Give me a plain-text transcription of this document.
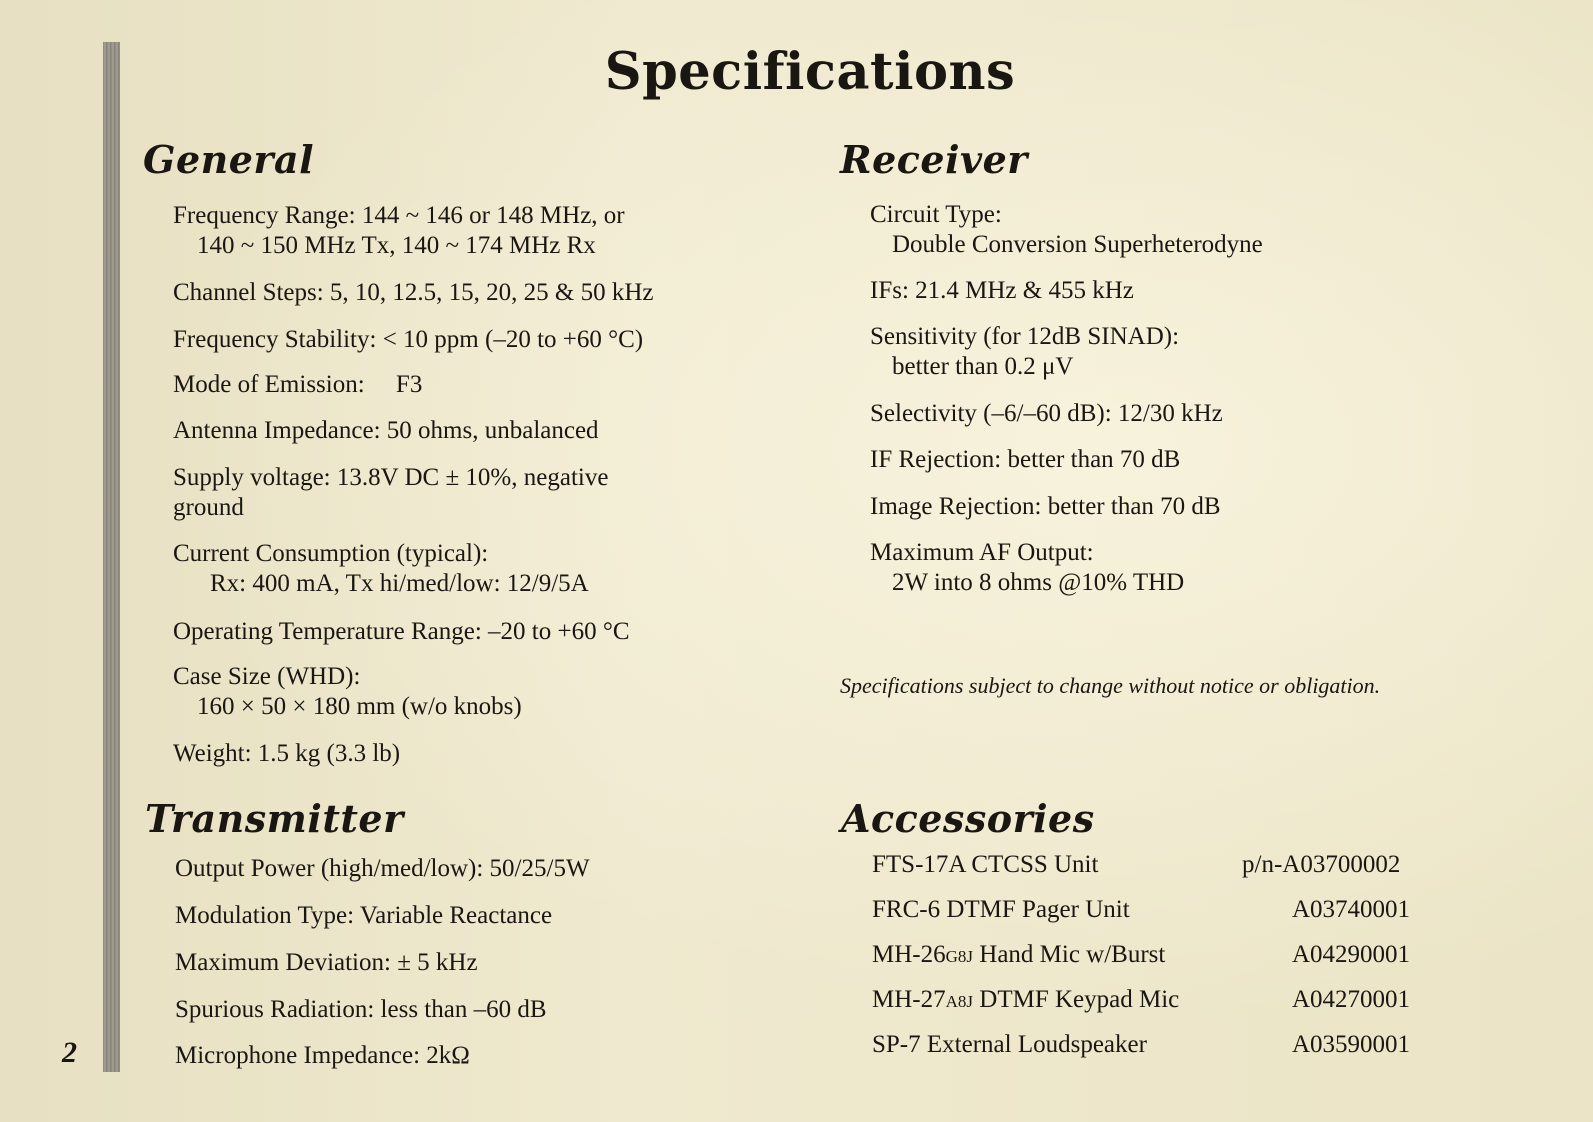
Specifications
General
Frequency Range: 144 ~ 146 or 148 MHz, or
140 ~ 150 MHz Tx, 140 ~ 174 MHz Rx
Channel Steps: 5, 10, 12.5, 15, 20, 25 & 50 kHz
Frequency Stability: < 10 ppm (–20 to +60 °C)
Mode of Emission:     F3
Antenna Impedance: 50 ohms, unbalanced
Supply voltage: 13.8V DC ± 10%, negative
ground
Current Consumption (typical):
Rx: 400 mA, Tx hi/med/low: 12/9/5A
Operating Temperature Range: –20 to +60 °C
Case Size (WHD):
160 × 50 × 180 mm (w/o knobs)
Weight: 1.5 kg (3.3 lb)
Transmitter
Output Power (high/med/low): 50/25/5W
Modulation Type: Variable Reactance
Maximum Deviation: ± 5 kHz
Spurious Radiation: less than –60 dB
Microphone Impedance: 2kΩ
Receiver
Circuit Type:
Double Conversion Superheterodyne
IFs: 21.4 MHz & 455 kHz
Sensitivity (for 12dB SINAD):
better than 0.2 μV
Selectivity (–6/–60 dB): 12/30 kHz
IF Rejection: better than 70 dB
Image Rejection: better than 70 dB
Maximum AF Output:
2W into 8 ohms @10% THD
Specifications subject to change without notice or obligation.
Accessories
FTS-17A CTCSS Unit	p/n-A03700002
FRC-6 DTMF Pager Unit	A03740001
MH-26G8J Hand Mic w/Burst	A04290001
MH-27A8J DTMF Keypad Mic	A04270001
SP-7 External Loudspeaker	A03590001
2
